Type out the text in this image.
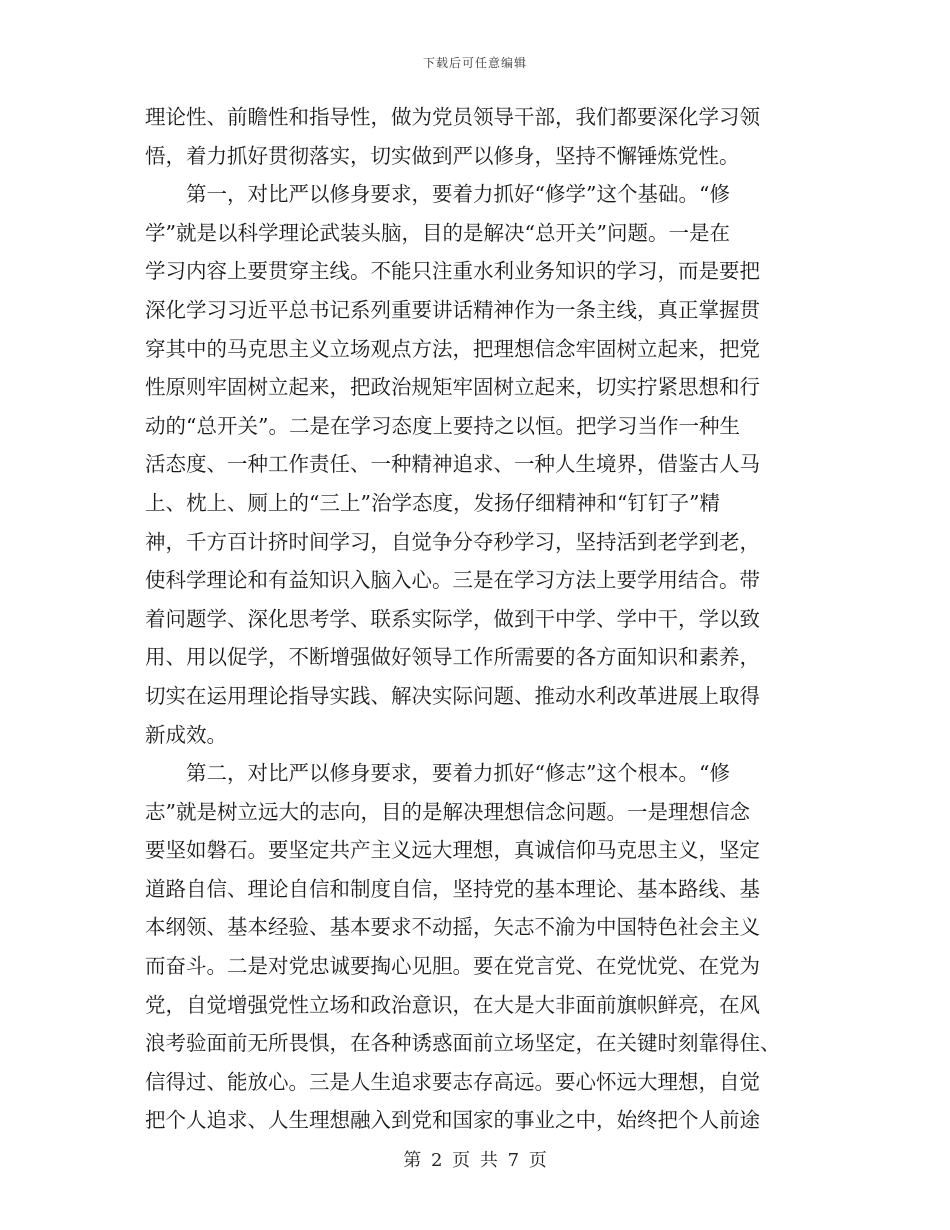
下载后可任意编辑
理论性、前瞻性和指导性，做为党员领导干部，我们都要深化学习领
悟，着力抓好贯彻落实，切实做到严以修身，坚持不懈锤炼党性。
第一，对比严以修身要求，要着力抓好“修学”这个基础。“修
学”就是以科学理论武装头脑，目的是解决“总开关”问题。一是在
学习内容上要贯穿主线。不能只注重水利业务知识的学习，而是要把
深化学习习近平总书记系列重要讲话精神作为一条主线，真正掌握贯
穿其中的马克思主义立场观点方法，把理想信念牢固树立起来，把党
性原则牢固树立起来，把政治规矩牢固树立起来，切实拧紧思想和行
动的“总开关”。二是在学习态度上要持之以恒。把学习当作一种生
活态度、一种工作责任、一种精神追求、一种人生境界，借鉴古人马
上、枕上、厕上的“三上”治学态度，发扬仔细精神和“钉钉子”精
神，千方百计挤时间学习，自觉争分夺秒学习，坚持活到老学到老，
使科学理论和有益知识入脑入心。三是在学习方法上要学用结合。带
着问题学、深化思考学、联系实际学，做到干中学、学中干，学以致
用、用以促学，不断增强做好领导工作所需要的各方面知识和素养，
切实在运用理论指导实践、解决实际问题、推动水利改革进展上取得
新成效。
第二，对比严以修身要求，要着力抓好“修志”这个根本。“修
志”就是树立远大的志向，目的是解决理想信念问题。一是理想信念
要坚如磐石。要坚定共产主义远大理想，真诚信仰马克思主义，坚定
道路自信、理论自信和制度自信，坚持党的基本理论、基本路线、基
本纲领、基本经验、基本要求不动摇，矢志不渝为中国特色社会主义
而奋斗。二是对党忠诚要掏心见胆。要在党言党、在党忧党、在党为
党，自觉增强党性立场和政治意识，在大是大非面前旗帜鲜亮，在风
浪考验面前无所畏惧，在各种诱惑面前立场坚定，在关键时刻靠得住、
信得过、能放心。三是人生追求要志存高远。要心怀远大理想，自觉
把个人追求、人生理想融入到党和国家的事业之中，始终把个人前途
第 2 页 共 7 页
